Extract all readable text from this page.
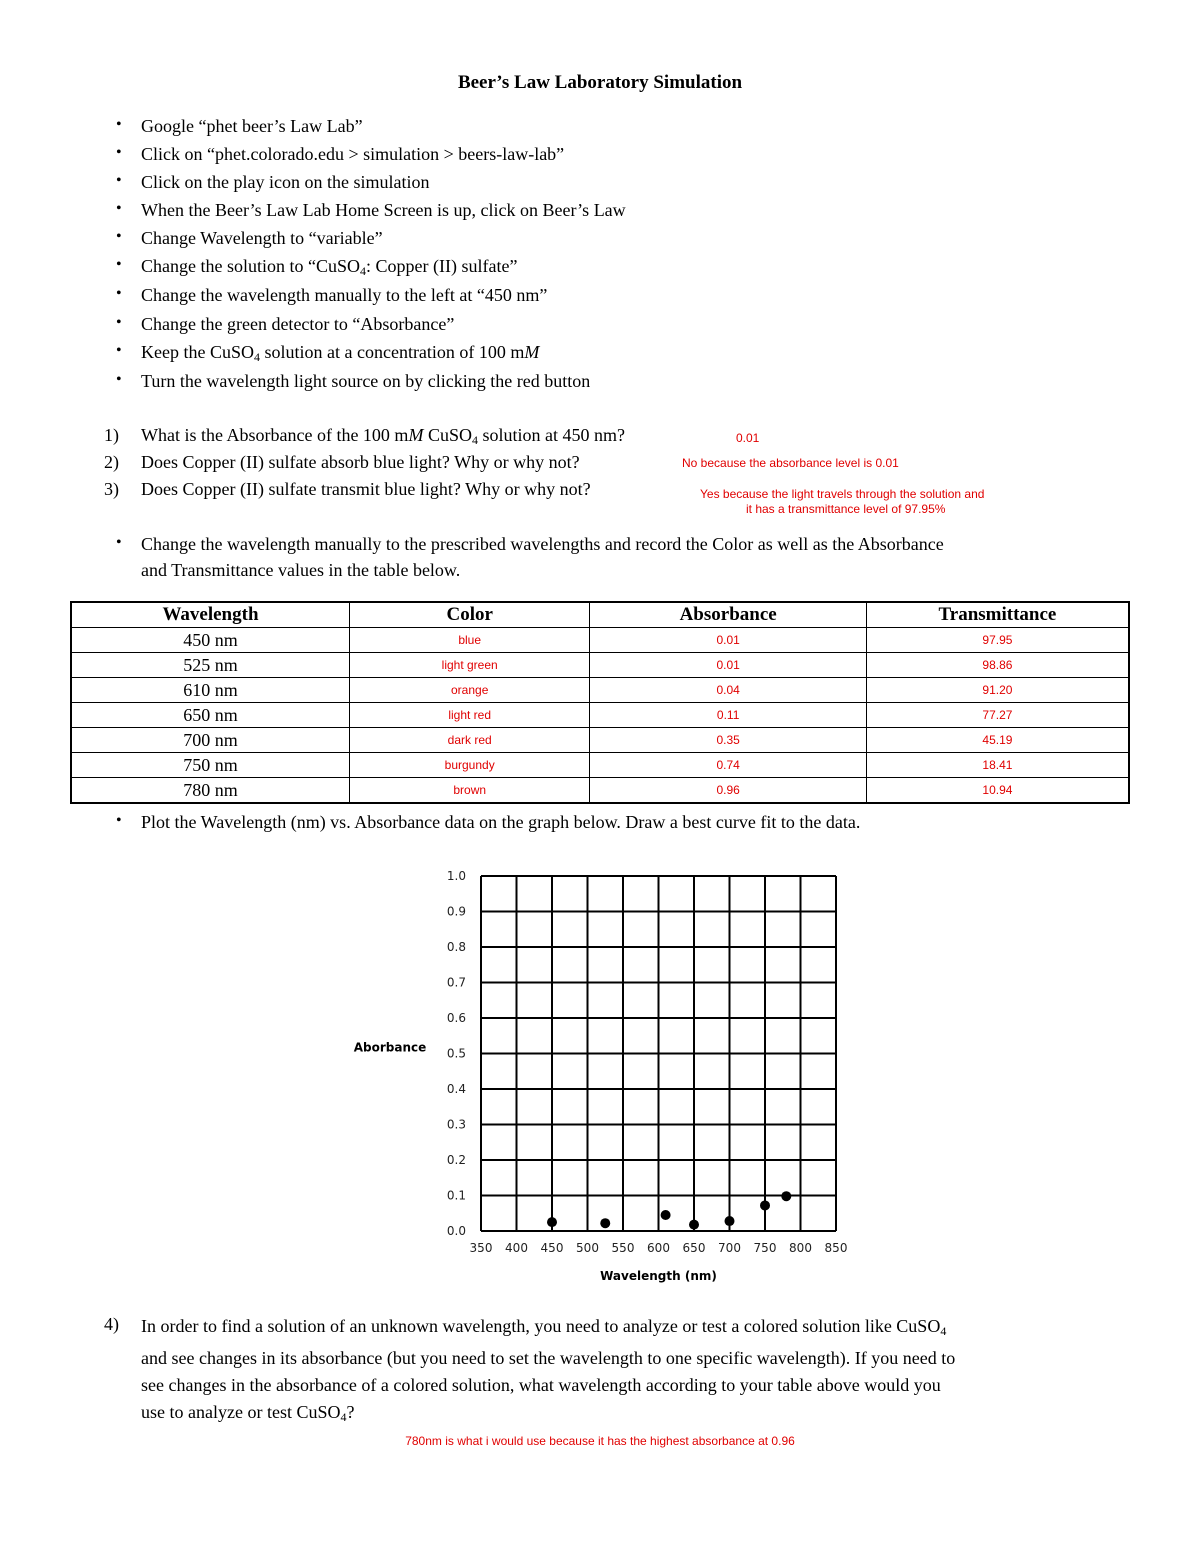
Beer’s Law Laboratory Simulation
• Google “phet beer’s Law Lab”
• Click on “phet.colorado.edu > simulation > beers-law-lab”
• Click on the play icon on the simulation
• When the Beer’s Law Lab Home Screen is up, click on Beer’s Law
• Change Wavelength to “variable”
• Change the solution to “CuSO$_4$: Copper (II) sulfate”
• Change the wavelength manually to the left at “450 nm”
• Change the green detector to “Absorbance”
• Keep the CuSO$_4$ solution at a concentration of 100 mM
• Turn the wavelength light source on by clicking the red button
1) What is the Absorbance of the 100 mM CuSO$_4$ solution at 450 nm?	0.01
2) Does Copper (II) sulfate absorb blue light? Why or why not?	No because the absorbance level is 0.01
3) Does Copper (II) sulfate transmit blue light? Why or why not?	Yes because the light travels through the solution and
it has a transmittance level of 97.95%
• Change the wavelength manually to the prescribed wavelengths and record the Color as well as the Absorbance
and Transmittance values in the table below.
Wavelength	Color	Absorbance	Transmittance
450 nm	blue	0.01	97.95
525 nm	light green	0.01	98.86
610 nm	orange	0.04	91.20
650 nm	light red	0.11	77.27
700 nm	dark red	0.35	45.19
750 nm	burgundy	0.74	18.41
780 nm	brown	0.96	10.94
• Plot the Wavelength (nm) vs. Absorbance data on the graph below. Draw a best curve fit to the data.
350 400 450 500 550 600 650 700 750 800 850
0.0
0.1
0.2
0.3
0.4
0.5
0.6
0.7
0.8
0.9
1.0
Wavelength (nm)
Aborbance
4) In order to find a solution of an unknown wavelength, you need to analyze or test a colored solution like CuSO$_4$
and see changes in its absorbance (but you need to set the wavelength to one specific wavelength). If you need to
see changes in the absorbance of a colored solution, what wavelength according to your table above would you
use to analyze or test CuSO$_4$?
780nm is what i would use because it has the highest absorbance at 0.96
